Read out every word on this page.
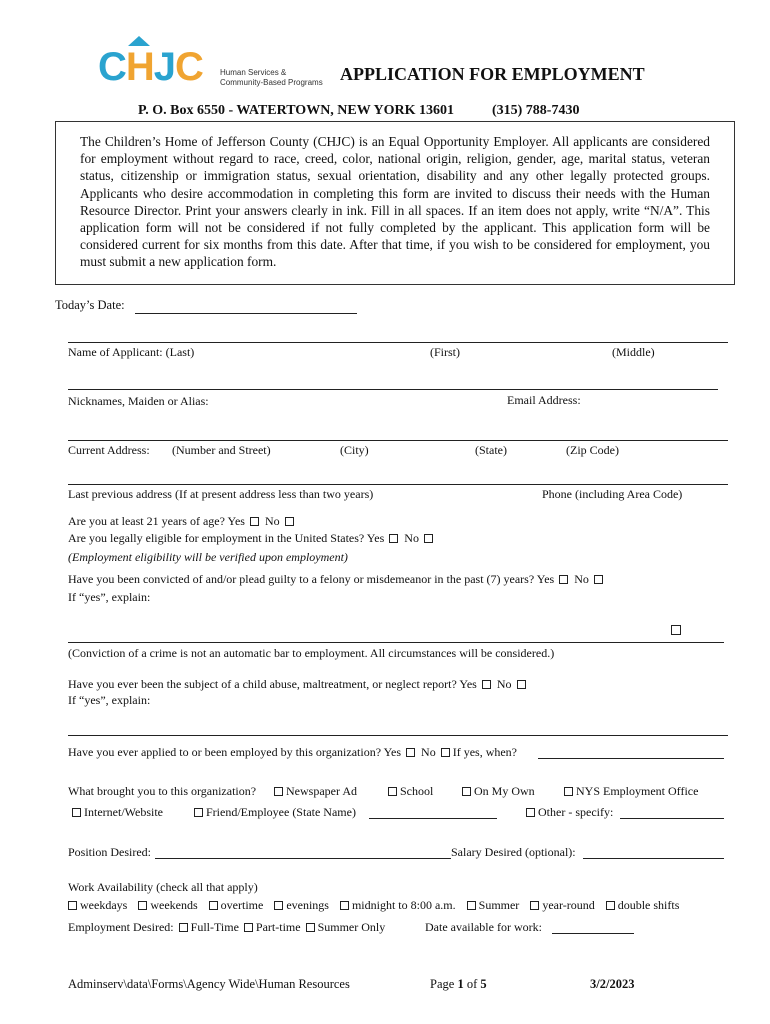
CHJC Human Services &
Community-Based Programs APPLICATION FOR EMPLOYMENT
P. O. Box 6550 - WATERTOWN, NEW YORK 13601	(315) 788-7430
The Children’s Home of Jefferson County (CHJC) is an Equal Opportunity Employer. All applicants are considered for employment without regard to race, creed, color, national origin, religion, gender, age, marital status, veteran status, citizenship or immigration status, sexual orientation, disability and any other legally protected groups. Applicants who desire accommodation in completing this form are invited to discuss their needs with the Human Resource Director. Print your answers clearly in ink. Fill in all spaces. If an item does not apply, write “N/A”. This application form will not be considered if not fully completed by the applicant. This application form will be considered current for six months from this date. After that time, if you wish to be considered for employment, you must submit a new application form.
Today’s Date:
Name of Applicant: (Last)	(First)	(Middle)
Nicknames, Maiden or Alias:	Email Address:
Current Address: (Number and Street)	(City)	(State)	(Zip Code)
Last previous address (If at present address less than two years)	Phone (including Area Code)
Are you at least 21 years of age? Yes No
Are you legally eligible for employment in the United States? Yes No
(Employment eligibility will be verified upon employment)
Have you been convicted of and/or plead guilty to a felony or misdemeanor in the past (7) years? Yes No
If “yes”, explain:
(Conviction of a crime is not an automatic bar to employment. All circumstances will be considered.)
Have you ever been the subject of a child abuse, maltreatment, or neglect report? Yes No
If “yes”, explain:
Have you ever applied to or been employed by this organization? Yes No If yes, when?
What brought you to this organization?	Newspaper Ad	School	On My Own	NYS Employment Office
Internet/Website	Friend/Employee (State Name)	Other - specify:
Position Desired:	Salary Desired (optional):
Work Availability (check all that apply)
weekdays weekends overtime evenings midnight to 8:00 a.m. Summer year-round double shifts
Employment Desired: Full-Time Part-time Summer Only	Date available for work:
Adminserv\data\Forms\Agency Wide\Human Resources	Page 1 of 5	3/2/2023
